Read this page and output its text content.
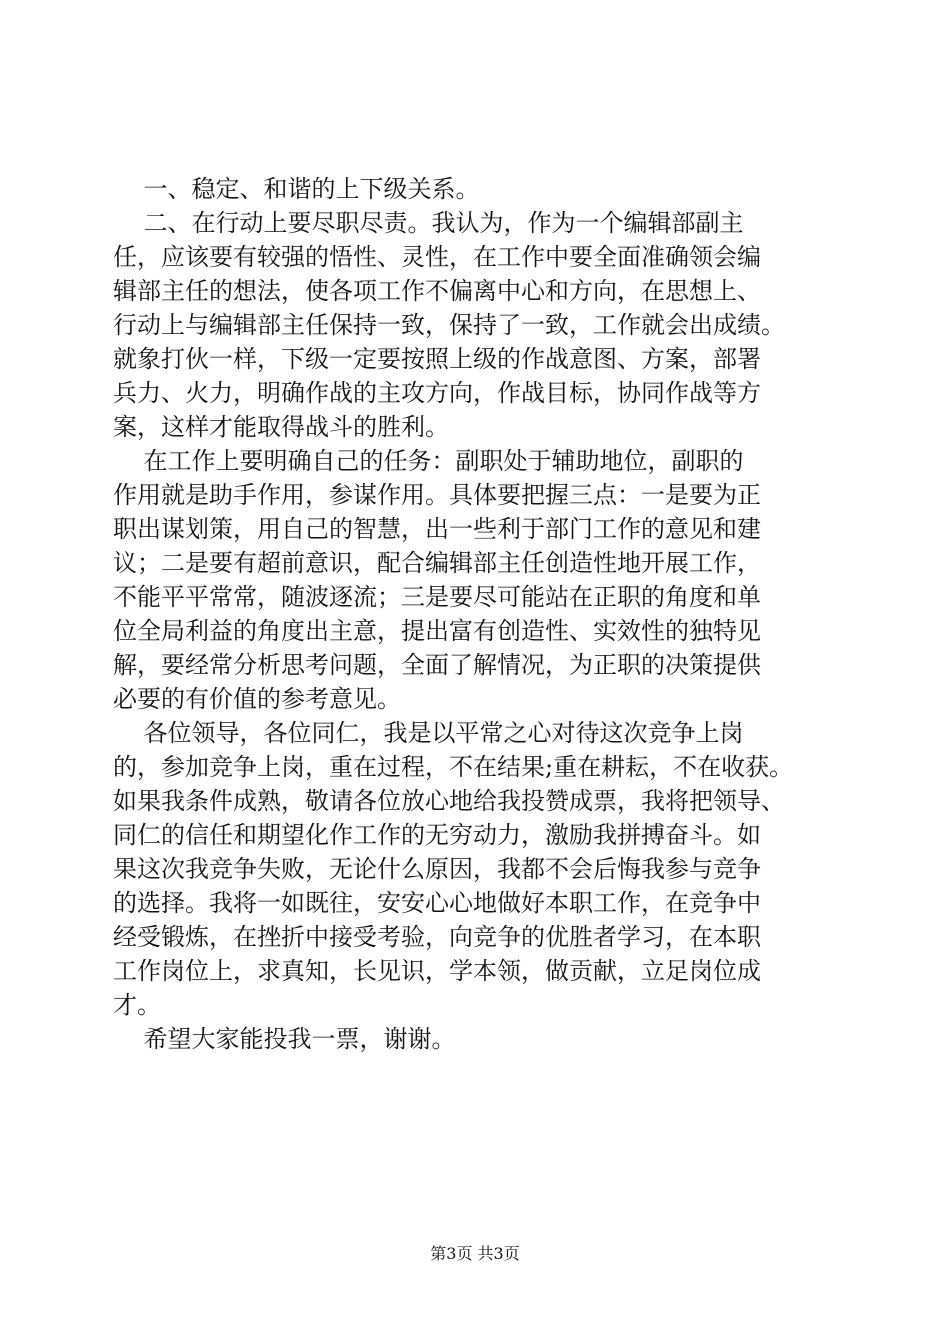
一、稳定、和谐的上下级关系。
二、在行动上要尽职尽责。我认为，作为一个编辑部副主
任，应该要有较强的悟性、灵性，在工作中要全面准确领会编
辑部主任的想法，使各项工作不偏离中心和方向，在思想上、
行动上与编辑部主任保持一致，保持了一致，工作就会出成绩。
就象打伙一样，下级一定要按照上级的作战意图、方案，部署
兵力、火力，明确作战的主攻方向，作战目标，协同作战等方
案，这样才能取得战斗的胜利。
在工作上要明确自己的任务：副职处于辅助地位，副职的
作用就是助手作用，参谋作用。具体要把握三点：一是要为正
职出谋划策，用自己的智慧，出一些利于部门工作的意见和建
议；二是要有超前意识，配合编辑部主任创造性地开展工作，
不能平平常常，随波逐流；三是要尽可能站在正职的角度和单
位全局利益的角度出主意，提出富有创造性、实效性的独特见
解，要经常分析思考问题，全面了解情况，为正职的决策提供
必要的有价值的参考意见。
各位领导，各位同仁，我是以平常之心对待这次竞争上岗
的，参加竞争上岗，重在过程，不在结果;重在耕耘，不在收获。
如果我条件成熟，敬请各位放心地给我投赞成票，我将把领导、
同仁的信任和期望化作工作的无穷动力，激励我拼搏奋斗。如
果这次我竞争失败，无论什么原因，我都不会后悔我参与竞争
的选择。我将一如既往，安安心心地做好本职工作，在竞争中
经受锻炼，在挫折中接受考验，向竞争的优胜者学习，在本职
工作岗位上，求真知，长见识，学本领，做贡献，立足岗位成
才。
希望大家能投我一票，谢谢。
第3页 共3页
